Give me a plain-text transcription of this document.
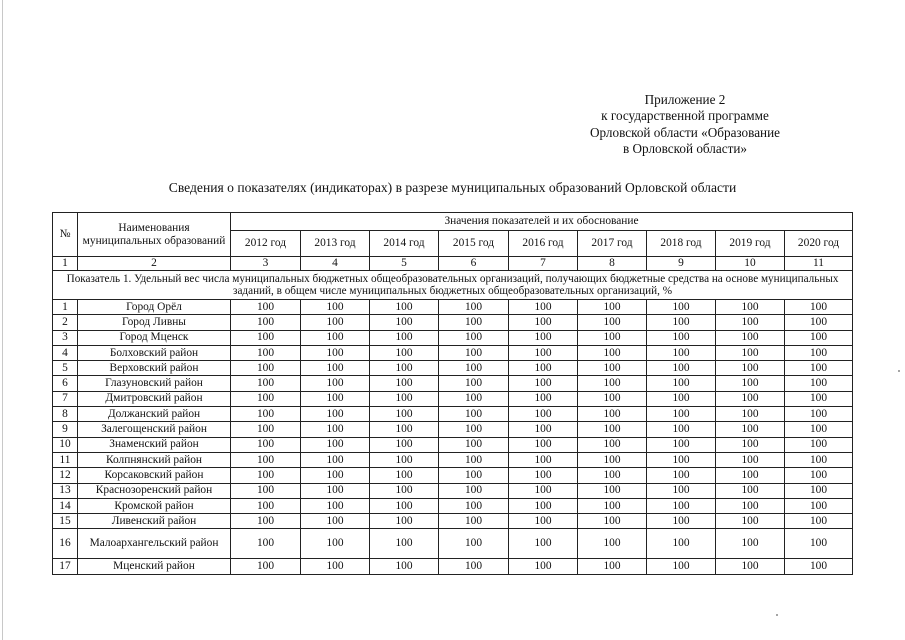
Приложение 2
к государственной программе
Орловской области «Образование
в Орловской области»
Сведения о показателях (индикаторах) в разрезе муниципальных образований Орловской области
№	Наименования муниципальных образований	Значения показателей и их обоснование								
		2012 год	2013 год	2014 год	2015 год	2016 год	2017 год	2018 год	2019 год	2020 год
1	2	3	4	5	6	7	8	9	10	11
Показатель 1. Удельный вес числа муниципальных бюджетных общеобразовательных организаций, получающих бюджетные средства на основе муниципальных заданий, в общем числе муниципальных бюджетных общеобразовательных организаций, %										
1	Город Орёл	100	100	100	100	100	100	100	100	100
2	Город Ливны	100	100	100	100	100	100	100	100	100
3	Город Мценск	100	100	100	100	100	100	100	100	100
4	Болховский район	100	100	100	100	100	100	100	100	100
5	Верховский район	100	100	100	100	100	100	100	100	100
6	Глазуновский район	100	100	100	100	100	100	100	100	100
7	Дмитровский район	100	100	100	100	100	100	100	100	100
8	Должанский район	100	100	100	100	100	100	100	100	100
9	Залегощенский район	100	100	100	100	100	100	100	100	100
10	Знаменский район	100	100	100	100	100	100	100	100	100
11	Колпнянский район	100	100	100	100	100	100	100	100	100
12	Корсаковский район	100	100	100	100	100	100	100	100	100
13	Краснозоренский район	100	100	100	100	100	100	100	100	100
14	Кромской район	100	100	100	100	100	100	100	100	100
15	Ливенский район	100	100	100	100	100	100	100	100	100
16	Малоархангельский район	100	100	100	100	100	100	100	100	100
17	Мценский район	100	100	100	100	100	100	100	100	100
